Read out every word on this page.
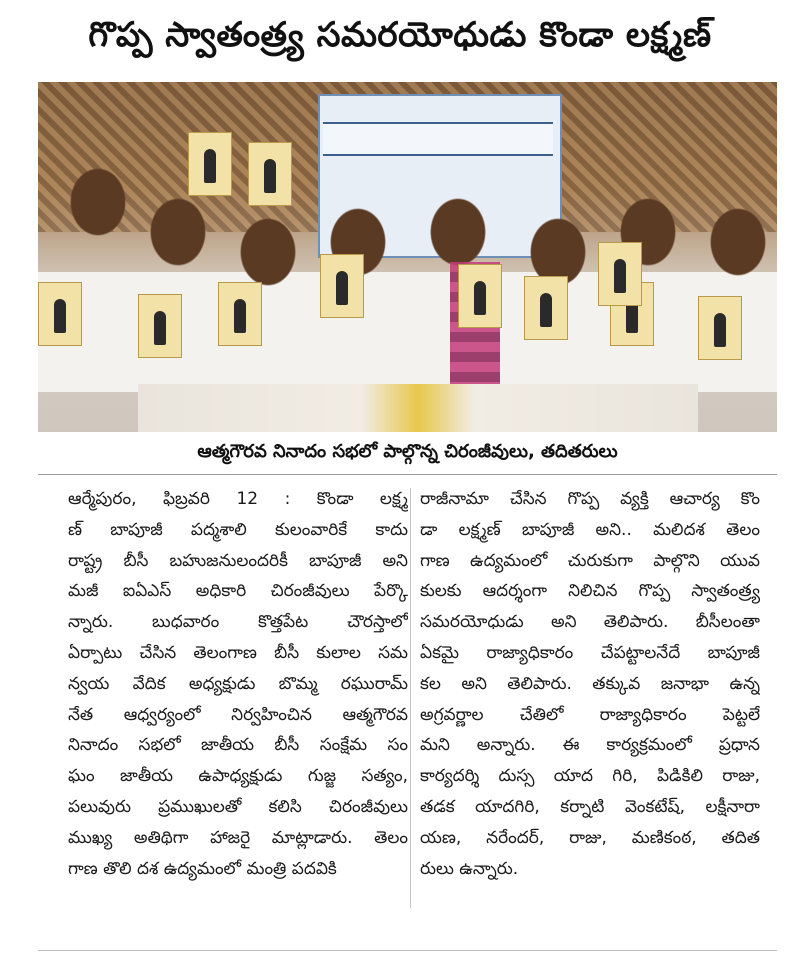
గొప్ప స్వాతంత్ర్య సమరయోధుడు కొండా లక్ష్మణ్
ఆత్మగౌరవ నినాదం సభలో పాల్గొన్న చిరంజీవులు, తదితరులు
ఆర్మేపురం, ఫిబ్రవరి 12 : కొండా లక్ష్మ
ణ్ బాపూజీ పద్మశాలి కులంవారికే కాదు
రాష్ట్ర బీసీ బహుజనులందరికీ బాపూజీ అని
మజీ ఐఏఎస్ అధికారి చిరంజీవులు పేర్కొ
న్నారు. బుధవారం కొత్తపేట చౌరస్తాలో
ఏర్పాటు చేసిన తెలంగాణ బీసీ కులాల సమ
న్వయ వేదిక అధ్యక్షుడు బొమ్మ రఘురామ్
నేత ఆధ్వర్యంలో నిర్వహించిన ఆత్మగౌరవ
నినాదం సభలో జాతీయ బీసీ సంక్షేమ సం
ఘం జాతీయ ఉపాధ్యక్షుడు గుజ్జ సత్యం,
పలువురు ప్రముఖులతో కలిసి చిరంజీవులు
ముఖ్య అతిథిగా హాజరై మాట్లాడారు. తెలం
గాణ తొలి దశ ఉద్యమంలో మంత్రి పదవికి
రాజీనామా చేసిన గొప్ప వ్యక్తి ఆచార్య కొం
డా లక్ష్మణ్ బాపూజీ అని.. మలిదశ తెలం
గాణ ఉద్యమంలో చురుకుగా పాల్గొని యువ
కులకు ఆదర్శంగా నిలిచిన గొప్ప స్వాతంత్ర్య
సమరయోధుడు అని తెలిపారు. బీసీలంతా
ఏకమై రాజ్యాధికారం చేపట్టాలనేదే బాపూజీ
కల అని తెలిపారు. తక్కువ జనాభా ఉన్న
అగ్రవర్ణాల చేతిలో రాజ్యాధికారం పెట్టలే
మని అన్నారు. ఈ కార్యక్రమంలో ప్రధాన
కార్యదర్శి దుస్స యాద గిరి, పిడికిలి రాజు,
తడక యాదగిరి, కర్నాటి వెంకటేష్, లక్షీనారా
యణ, నరేందర్, రాజు, మణికంఠ, తదిత
రులు ఉన్నారు.
